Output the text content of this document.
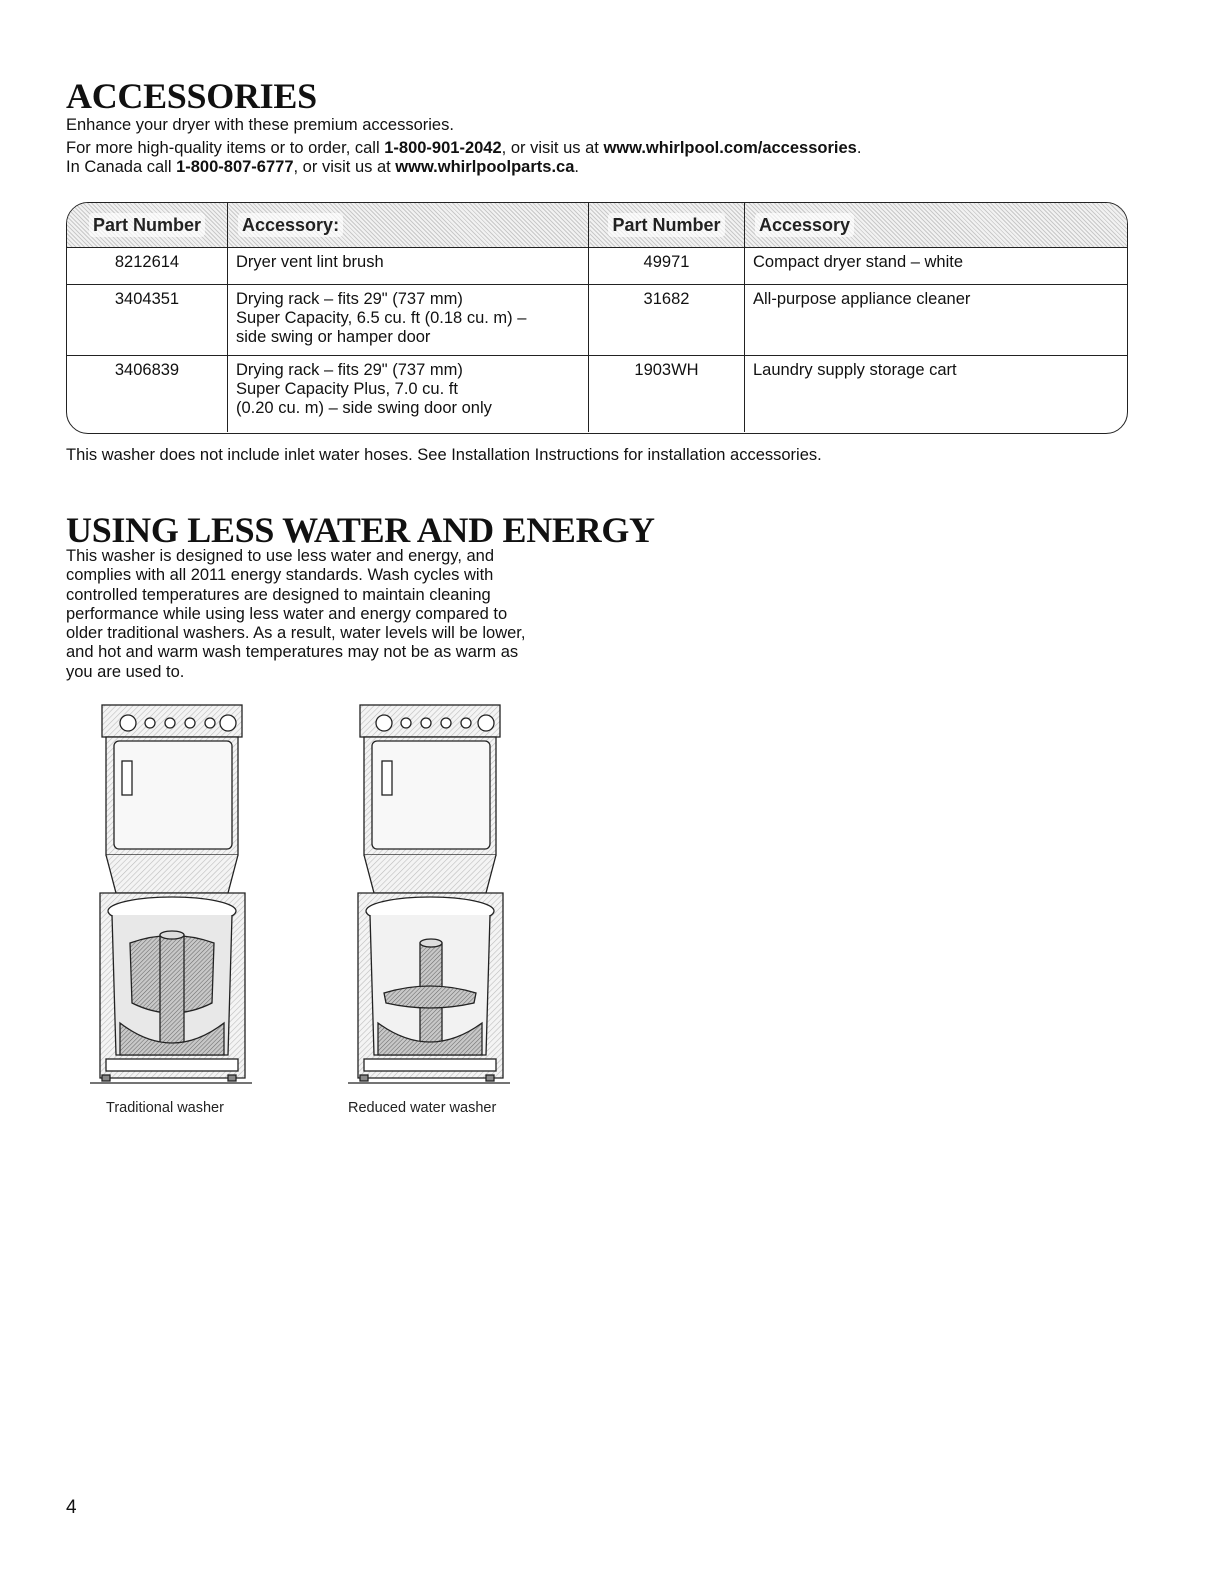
ACCESSORIES

Enhance your dryer with these premium accessories.

For more high-quality items or to order, call 1-800-901-2042, or visit us at www.whirlpool.com/accessories.

In Canada call 1-800-807-6777, or visit us at www.whirlpoolparts.ca.

Part Number	Accessory:	Part Number	Accessory
8212614	Dryer vent lint brush	49971	Compact dryer stand – white
3404351	Drying rack – fits 29" (737 mm)
Super Capacity, 6.5 cu. ft (0.18 cu. m) –
side swing or hamper door	31682	All-purpose appliance cleaner
3406839	Drying rack – fits 29" (737 mm)
Super Capacity Plus, 7.0 cu. ft
(0.20 cu. m) – side swing door only	1903WH	Laundry supply storage cart

This washer does not include inlet water hoses. See Installation Instructions for installation accessories.

USING LESS WATER AND ENERGY
This washer is designed to use less water and energy, and
complies with all 2011 energy standards. Wash cycles with
controlled temperatures are designed to maintain cleaning
performance while using less water and energy compared to
older traditional washers. As a result, water levels will be lower,
and hot and warm wash temperatures may not be as warm as
you are used to.
Traditional washer	Reduced water washer
4
